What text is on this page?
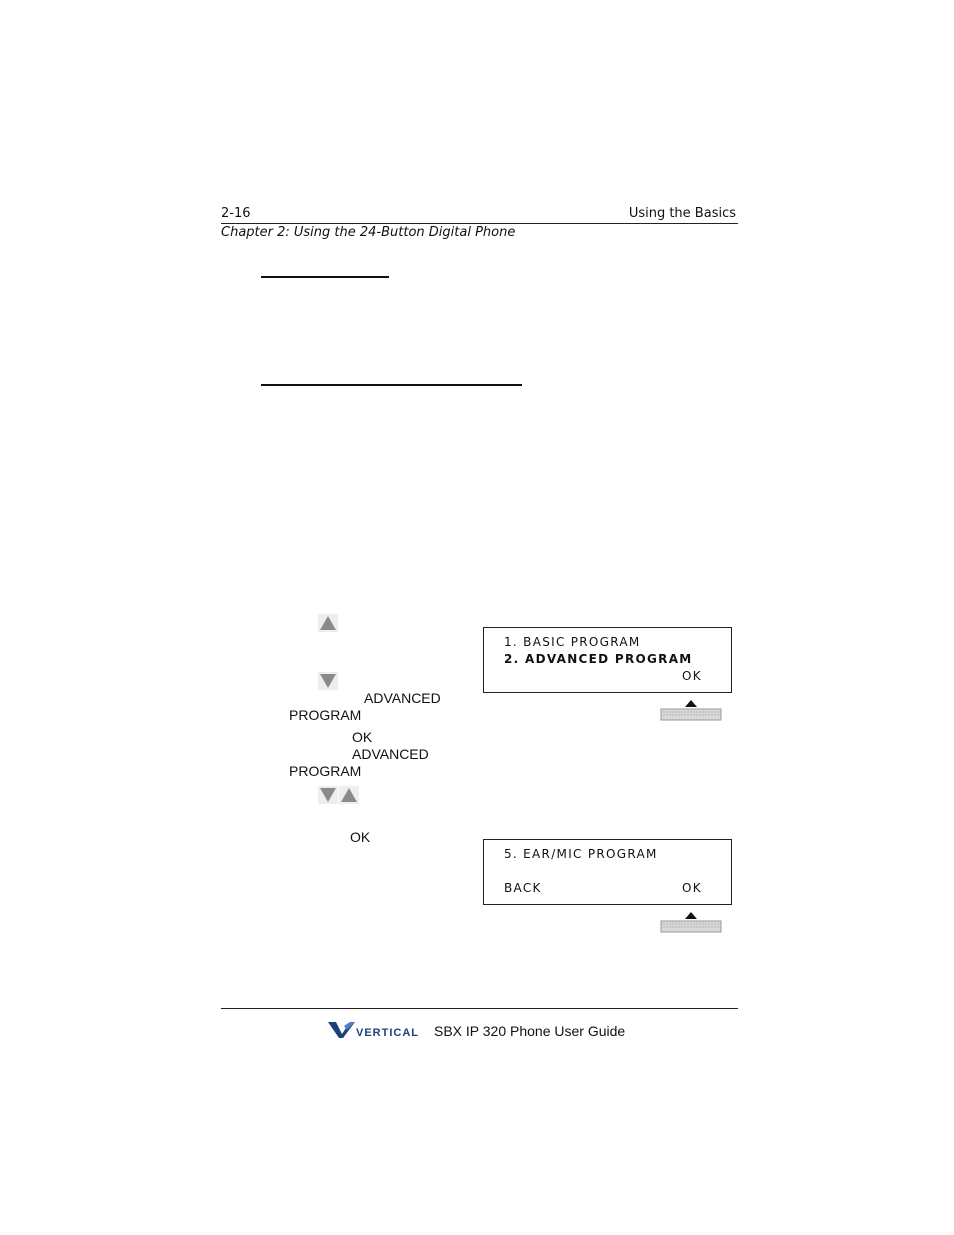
2-16	Using the Basics
Chapter 2: Using the 24-Button Digital Phone
ADVANCED
PROGRAM
OK
ADVANCED
PROGRAM
OK
1. BASIC PROGRAM
2. ADVANCED PROGRAM
OK
5. EAR/MIC PROGRAM
BACK	OK
VERTICAL SBX IP 320 Phone User Guide
